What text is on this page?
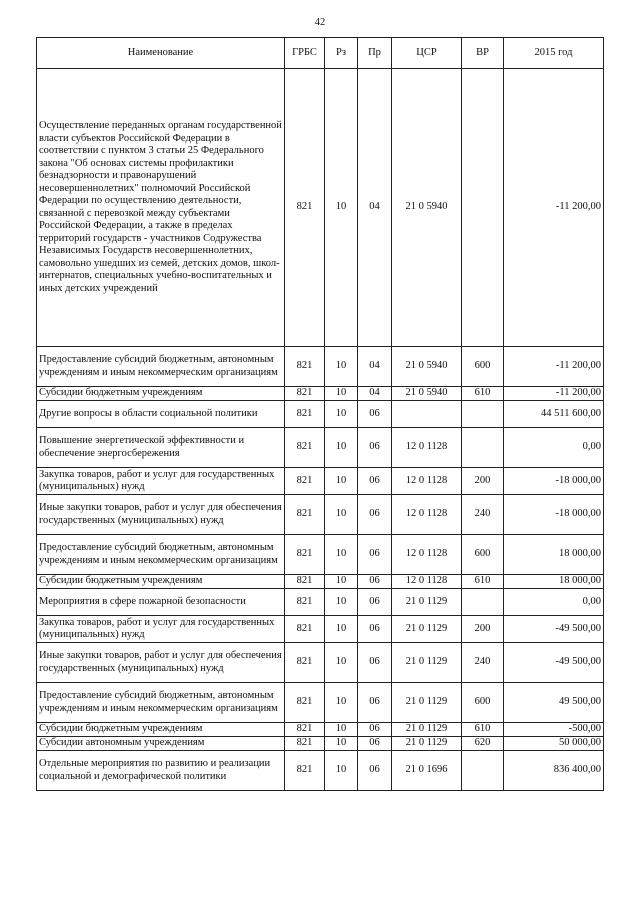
42
Наименование	ГРБС	Рз	Пр	ЦСР	ВР	2015 год
Осуществление переданных органам государственной власти субъектов Российской Федерации в соответствии с пунктом 3 статьи 25 Федерального закона "Об основах системы профилактики безнадзорности и правонарушений несовершеннолетних" полномочий Российской Федерации по осуществлению деятельности, связанной с перевозкой между субъектами Российской Федерации, а также в пределах территорий государств - участников Содружества Независимых Государств несовершеннолетних, самовольно ушедших из семей, детских домов, школ-интернатов, специальных учебно-воспитательных и иных детских учреждений	821	10	04	21 0 5940		-11 200,00
Предоставление субсидий бюджетным, автономным учреждениям и иным некоммерческим организациям	821	10	04	21 0 5940	600	-11 200,00
Субсидии бюджетным учреждениям	821	10	04	21 0 5940	610	-11 200,00
Другие вопросы в области социальной политики	821	10	06			44 511 600,00
Повышение энергетической эффективности и обеспечение энергосбережения	821	10	06	12 0 1128		0,00
Закупка товаров, работ и услуг для государственных (муниципальных) нужд	821	10	06	12 0 1128	200	-18 000,00
Иные закупки товаров, работ и услуг для обеспечения государственных (муниципальных) нужд	821	10	06	12 0 1128	240	-18 000,00
Предоставление субсидий бюджетным, автономным учреждениям и иным некоммерческим организациям	821	10	06	12 0 1128	600	18 000,00
Субсидии бюджетным учреждениям	821	10	06	12 0 1128	610	18 000,00
Мероприятия в сфере пожарной безопасности	821	10	06	21 0 1129		0,00
Закупка товаров, работ и услуг для государственных (муниципальных) нужд	821	10	06	21 0 1129	200	-49 500,00
Иные закупки товаров, работ и услуг для обеспечения государственных (муниципальных) нужд	821	10	06	21 0 1129	240	-49 500,00
Предоставление субсидий бюджетным, автономным учреждениям и иным некоммерческим организациям	821	10	06	21 0 1129	600	49 500,00
Субсидии бюджетным учреждениям	821	10	06	21 0 1129	610	-500,00
Субсидии автономным учреждениям	821	10	06	21 0 1129	620	50 000,00
Отдельные мероприятия по развитию и реализации социальной и демографической политики	821	10	06	21 0 1696		836 400,00
